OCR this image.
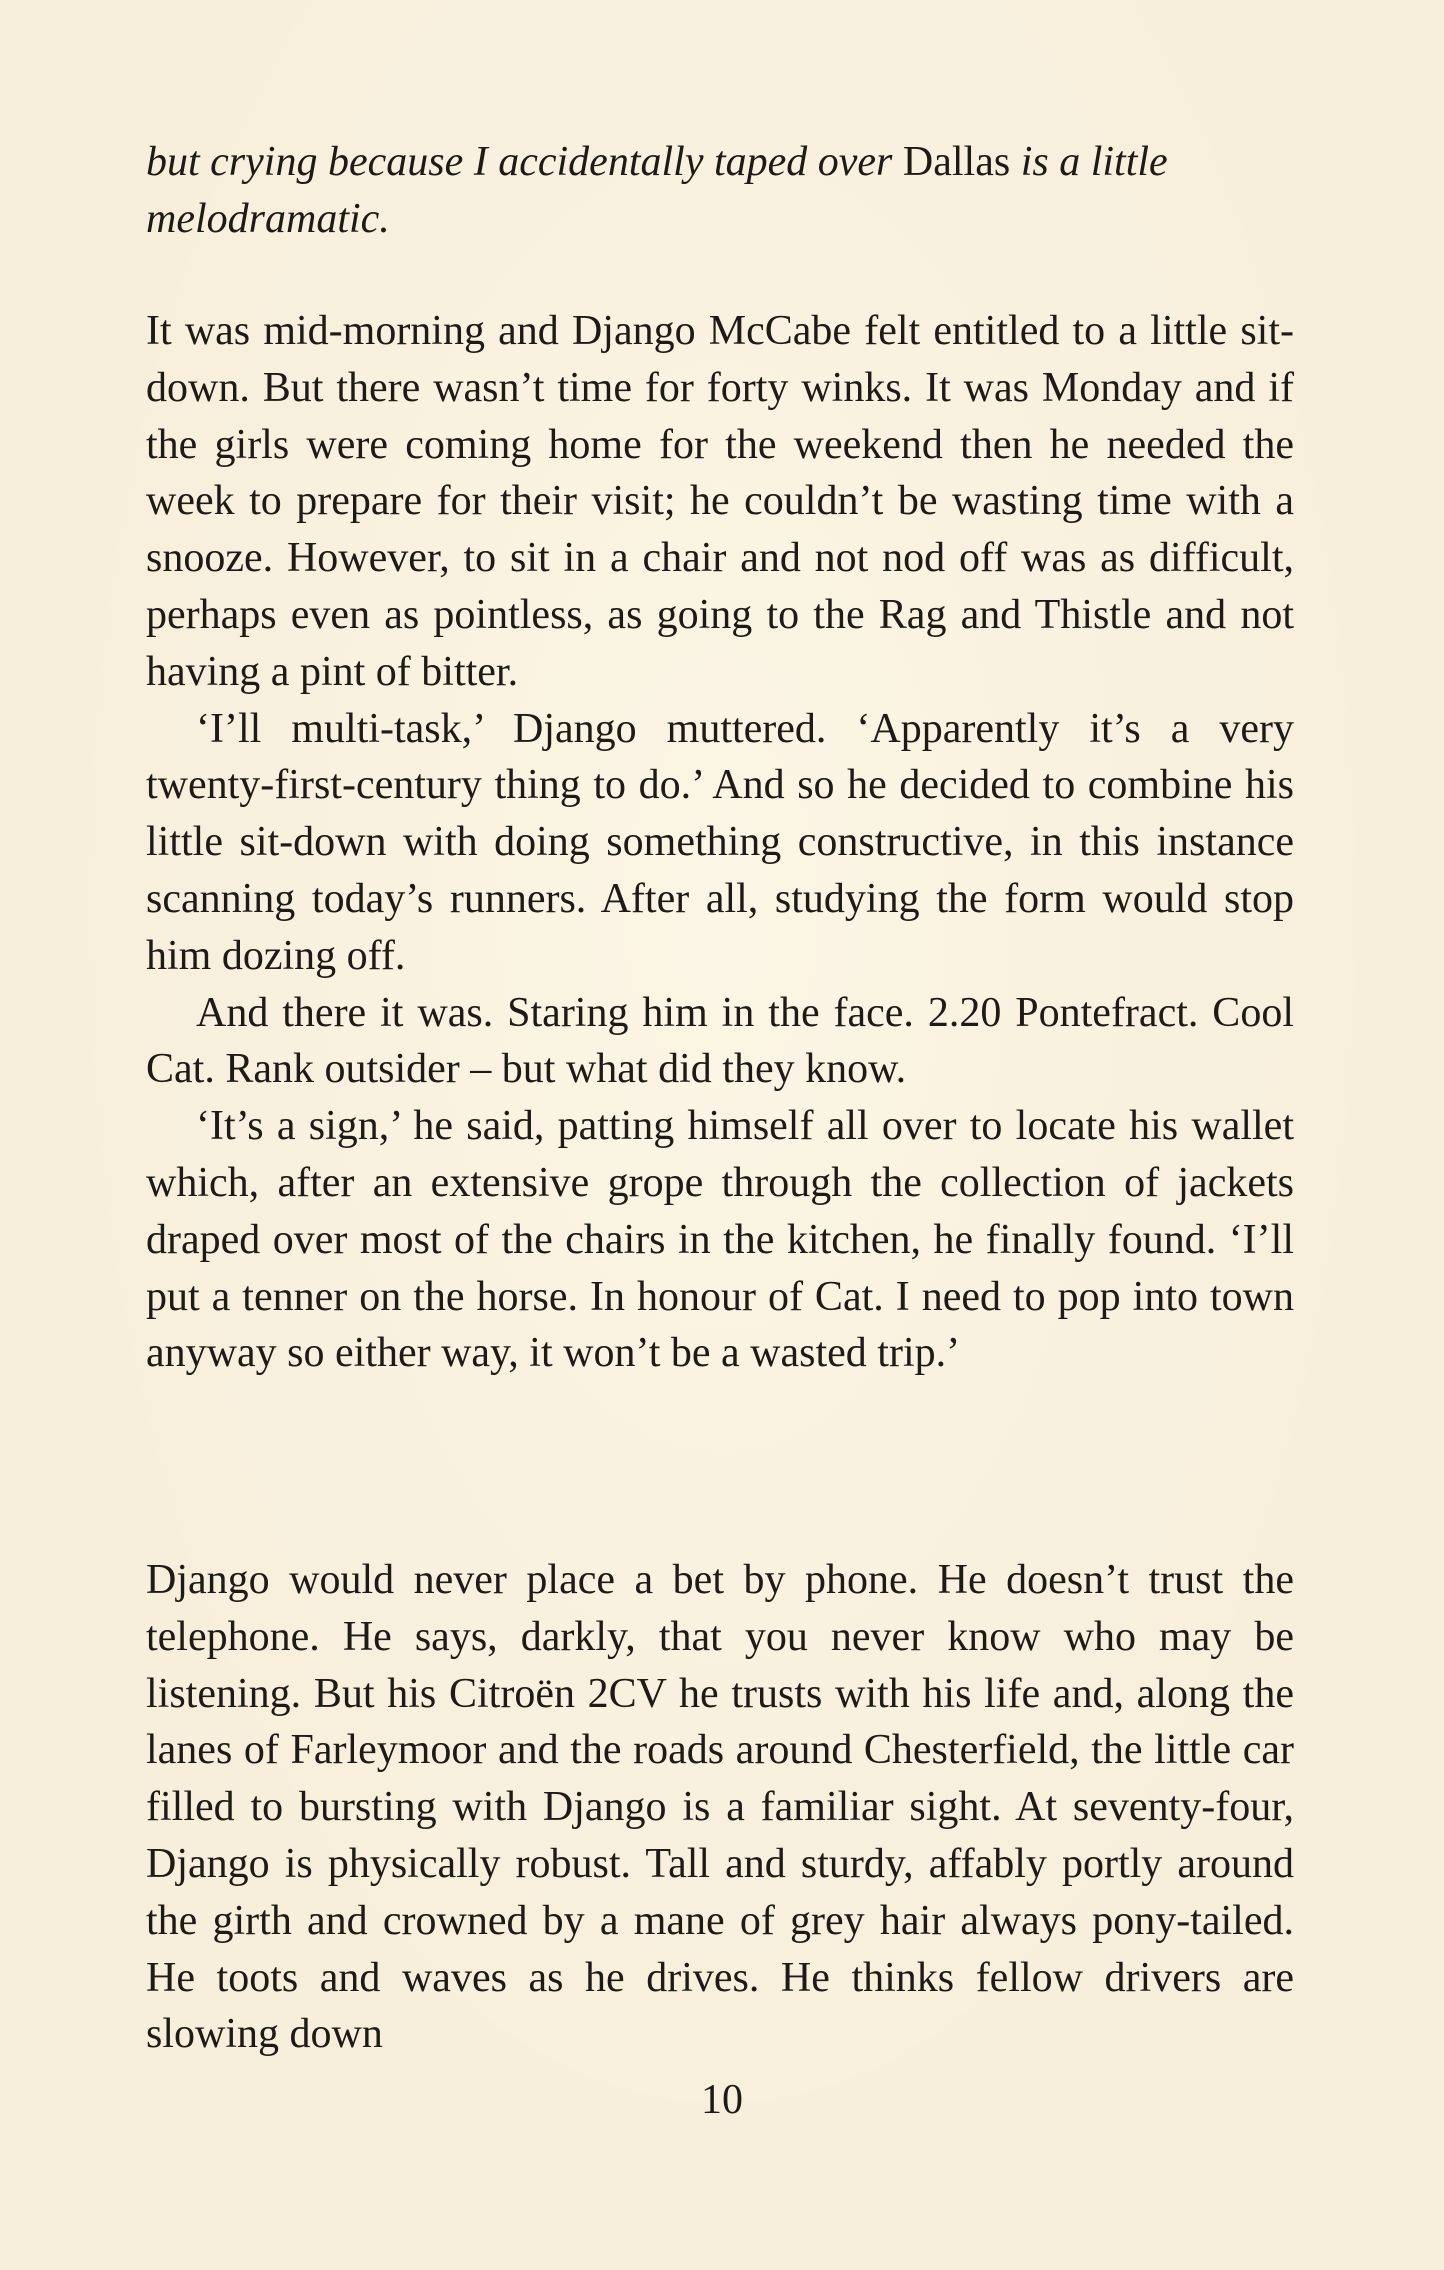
but crying because I accidentally taped over Dallas is a little melodramatic.

It was mid-morning and Django McCabe felt entitled to a little sit-down. But there wasn’t time for forty winks. It was Monday and if the girls were coming home for the weekend then he needed the week to prepare for their visit; he couldn’t be wasting time with a snooze. However, to sit in a chair and not nod off was as difficult, perhaps even as pointless, as going to the Rag and Thistle and not having a pint of bitter.

‘I’ll multi-task,’ Django muttered. ‘Apparently it’s a very twenty-first-century thing to do.’ And so he decided to combine his little sit-down with doing something constructive, in this instance scanning today’s runners. After all, studying the form would stop him dozing off.

And there it was. Staring him in the face. 2.20 Pontefract. Cool Cat. Rank outsider – but what did they know.

‘It’s a sign,’ he said, patting himself all over to locate his wallet which, after an extensive grope through the collection of jackets draped over most of the chairs in the kitchen, he finally found. ‘I’ll put a tenner on the horse. In honour of Cat. I need to pop into town anyway so either way, it won’t be a wasted trip.’

Django would never place a bet by phone. He doesn’t trust the telephone. He says, darkly, that you never know who may be listening. But his Citroën 2CV he trusts with his life and, along the lanes of Farleymoor and the roads around Chesterfield, the little car filled to bursting with Django is a familiar sight. At seventy-four, Django is physically robust. Tall and sturdy, affably portly around the girth and crowned by a mane of grey hair always pony-tailed. He toots and waves as he drives. He thinks fellow drivers are slowing down

10
